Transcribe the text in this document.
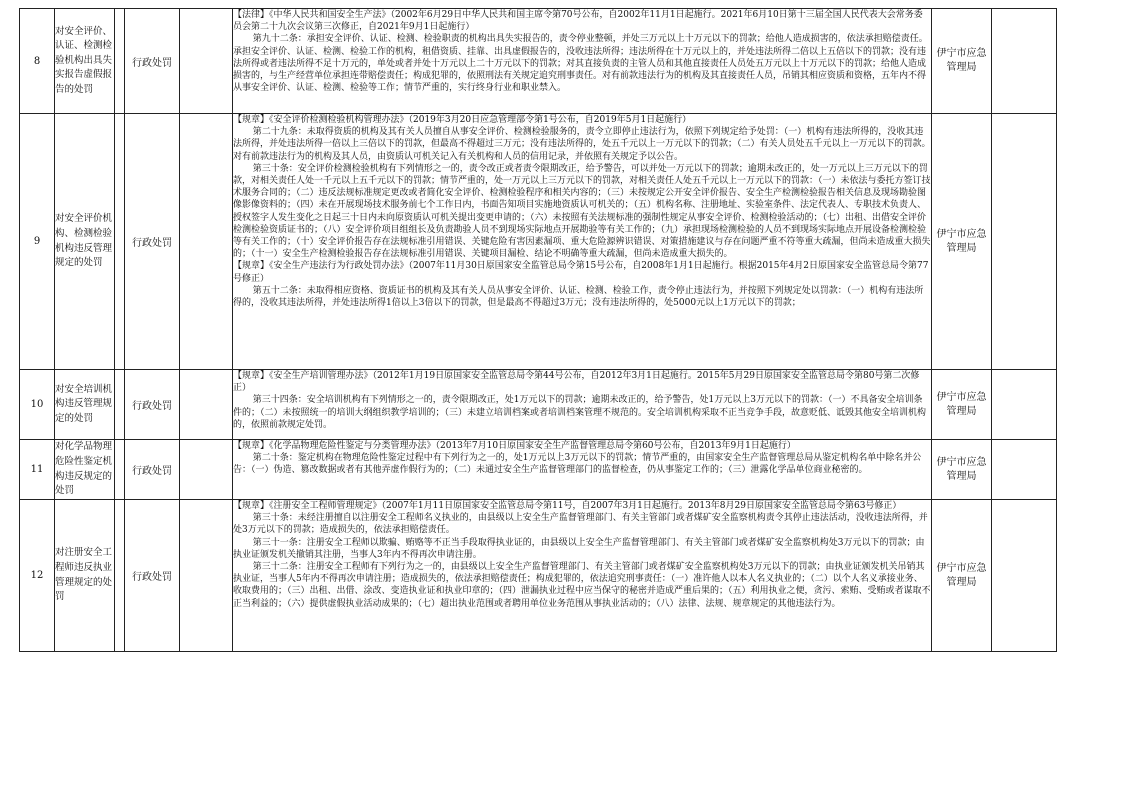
8	对安全评价、认证、检测检验机构出具失实报告虚假报告的处罚		行政处罚		【法律】《中华人民共和国安全生产法》（2002年6月29日中华人民共和国主席令第70号公布，自2002年11月1日起施行。2021年6月10日第十三届全国人民代表大会常务委员会第二十九次会议第三次修正，自2021年9月1日起施行）

第九十二条：承担安全评价、认证、检测、检验职责的机构出具失实报告的，责令停业整顿，并处三万元以上十万元以下的罚款；给他人造成损害的，依法承担赔偿责任。承担安全评价、认证、检测、检验工作的机构，租借资质、挂靠、出具虚假报告的，没收违法所得；违法所得在十万元以上的，并处违法所得二倍以上五倍以下的罚款；没有违法所得或者违法所得不足十万元的，单处或者并处十万元以上二十万元以下的罚款；对其直接负责的主管人员和其他直接责任人员处五万元以上十万元以下的罚款；给他人造成损害的，与生产经营单位承担连带赔偿责任；构成犯罪的，依照刑法有关规定追究刑事责任。对有前款违法行为的机构及其直接责任人员，吊销其相应资质和资格，五年内不得从事安全评价、认证、检测、检验等工作；情节严重的，实行终身行业和职业禁入。	伊宁市应急管理局	
9	对安全评价机构、检测检验机构违反管理规定的处罚		行政处罚		【规章】《安全评价检测检验机构管理办法》（2019年3月20日应急管理部令第1号公布，自2019年5月1日起施行）

第二十九条：未取得资质的机构及其有关人员擅自从事安全评价、检测检验服务的，责令立即停止违法行为，依照下列规定给予处罚：（一）机构有违法所得的，没收其违法所得，并处违法所得一倍以上三倍以下的罚款，但最高不得超过三万元；没有违法所得的，处五千元以上一万元以下的罚款；（二）有关人员处五千元以上一万元以下的罚款。对有前款违法行为的机构及其人员，由资质认可机关记入有关机构和人员的信用记录，并依照有关规定予以公告。

第三十条：安全评价检测检验机构有下列情形之一的，责令改正或者责令限期改正，给予警告，可以并处一万元以下的罚款；逾期未改正的，处一万元以上三万元以下的罚款，对相关责任人处一千元以上五千元以下的罚款；情节严重的，处一万元以上三万元以下的罚款，对相关责任人处五千元以上一万元以下的罚款：（一）未依法与委托方签订技术服务合同的；（二）违反法规标准规定更改或者简化安全评价、检测检验程序和相关内容的；（三）未按规定公开安全评价报告、安全生产检测检验报告相关信息及现场勘验图像影像资料的；（四）未在开展现场技术服务前七个工作日内，书面告知项目实施地资质认可机关的；（五）机构名称、注册地址、实验室条件、法定代表人、专职技术负责人、授权签字人发生变化之日起三十日内未向原资质认可机关提出变更申请的；（六）未按照有关法规标准的强制性规定从事安全评价、检测检验活动的；（七）出租、出借安全评价检测检验资质证书的；（八）安全评价项目组组长及负责勘验人员不到现场实际地点开展勘验等有关工作的；（九）承担现场检测检验的人员不到现场实际地点开展设备检测检验等有关工作的；（十）安全评价报告存在法规标准引用错误、关键危险有害因素漏项、重大危险源辨识错误、对策措施建议与存在问题严重不符等重大疏漏，但尚未造成重大损失的；（十一）安全生产检测检验报告存在法规标准引用错误、关键项目漏检、结论不明确等重大疏漏，但尚未造成重大损失的。

【规章】《安全生产违法行为行政处罚办法》（2007年11月30日原国家安全监管总局令第15号公布，自2008年1月1日起施行。根据2015年4月2日原国家安全监管总局令第77号修正）

第五十二条：未取得相应资格、资质证书的机构及其有关人员从事安全评价、认证、检测、检验工作，责令停止违法行为，并按照下列规定处以罚款：（一）机构有违法所得的，没收其违法所得，并处违法所得1倍以上3倍以下的罚款，但是最高不得超过3万元；没有违法所得的，处5000元以上1万元以下的罚款；	伊宁市应急管理局	
10	对安全培训机构违反管理规定的处罚		行政处罚		【规章】《安全生产培训管理办法》（2012年1月19日原国家安全监管总局令第44号公布，自2012年3月1日起施行。2015年5月29日原国家安全监管总局令第80号第二次修正）

第三十四条：安全培训机构有下列情形之一的，责令限期改正，处1万元以下的罚款；逾期未改正的，给予警告，处1万元以上3万元以下的罚款：（一）不具备安全培训条件的；（二）未按照统一的培训大纲组织教学培训的；（三）未建立培训档案或者培训档案管理不规范的。安全培训机构采取不正当竞争手段，故意贬低、诋毁其他安全培训机构的，依照前款规定处罚。	伊宁市应急管理局	
11	对化学品物理危险性鉴定机构违反规定的处罚		行政处罚		【规章】《化学品物理危险性鉴定与分类管理办法》（2013年7月10日原国家安全生产监督管理总局令第60号公布，自2013年9月1日起施行）

第二十条：鉴定机构在物理危险性鉴定过程中有下列行为之一的，处1万元以上3万元以下的罚款；情节严重的，由国家安全生产监督管理总局从鉴定机构名单中除名并公告：（一）伪造、篡改数据或者有其他弄虚作假行为的；（二）未通过安全生产监督管理部门的监督检查，仍从事鉴定工作的；（三）泄露化学品单位商业秘密的。	伊宁市应急管理局	
12	对注册安全工程师违反执业管理规定的处罚		行政处罚		【规章】《注册安全工程师管理规定》（2007年1月11日原国家安全监管总局令第11号，自2007年3月1日起施行。2013年8月29日原国家安全监管总局令第63号修正）

第三十条：未经注册擅自以注册安全工程师名义执业的，由县级以上安全生产监督管理部门、有关主管部门或者煤矿安全监察机构责令其停止违法活动，没收违法所得，并处3万元以下的罚款；造成损失的，依法承担赔偿责任。

第三十一条：注册安全工程师以欺骗、贿赂等不正当手段取得执业证的，由县级以上安全生产监督管理部门、有关主管部门或者煤矿安全监察机构处3万元以下的罚款；由执业证颁发机关撤销其注册，当事人3年内不得再次申请注册。

第三十二条：注册安全工程师有下列行为之一的，由县级以上安全生产监督管理部门、有关主管部门或者煤矿安全监察机构处3万元以下的罚款；由执业证颁发机关吊销其执业证，当事人5年内不得再次申请注册；造成损失的，依法承担赔偿责任；构成犯罪的，依法追究刑事责任：（一）准许他人以本人名义执业的；（二）以个人名义承接业务、收取费用的；（三）出租、出借、涂改、变造执业证和执业印章的；（四）泄漏执业过程中应当保守的秘密并造成严重后果的；（五）利用执业之便，贪污、索贿、受贿或者谋取不正当利益的；（六）提供虚假执业活动成果的；（七）超出执业范围或者聘用单位业务范围从事执业活动的；（八）法律、法规、规章规定的其他违法行为。	伊宁市应急管理局	
